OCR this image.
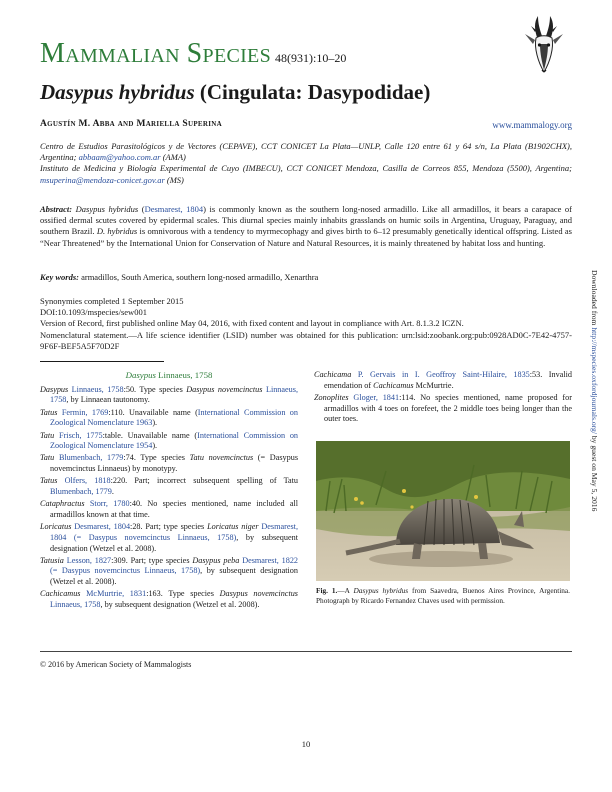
MAMMALIAN SPECIES 48(931):10–20
Dasypus hybridus (Cingulata: Dasypodidae)
Agustín M. Abba and Mariella Superina	www.mammalogy.org
Centro de Estudios Parasitológicos y de Vectores (CEPAVE), CCT CONICET La Plata—UNLP, Calle 120 entre 61 y 64 s/n, La Plata (B1902CHX), Argentina; abbaam@yahoo.com.ar (AMA)
Instituto de Medicina y Biología Experimental de Cuyo (IMBECU), CCT CONICET Mendoza, Casilla de Correos 855, Mendoza (5500), Argentina; msuperina@mendoza-conicet.gov.ar (MS)
Abstract: Dasypus hybridus (Desmarest, 1804) is commonly known as the southern long-nosed armadillo. Like all armadillos, it bears a carapace of ossified dermal scutes covered by epidermal scales. This diurnal species mainly inhabits grasslands on humic soils in Argentina, Uruguay, Paraguay, and southern Brazil. D. hybridus is omnivorous with a tendency to myrmecophagy and gives birth to 6–12 presumably genetically identical offspring. Listed as “Near Threatened” by the International Union for Conservation of Nature and Natural Resources, it is mainly threatened by habitat loss and hunting.
Key words: armadillos, South America, southern long-nosed armadillo, Xenarthra
Synonymies completed 1 September 2015
DOI:10.1093/mspecies/sew001
Version of Record, first published online May 04, 2016, with fixed content and layout in compliance with Art. 8.1.3.2 ICZN.
Nomenclatural statement.—A life science identifier (LSID) number was obtained for this publication: urn:lsid:zoobank.org:pub:0928AD0C-7E42-4757-9F6F-BEF5A5F70D2F
Dasypus Linnaeus, 1758
Dasypus Linnaeus, 1758:50. Type species Dasypus novemcinctus Linnaeus, 1758, by Linnaean tautonomy.
Tatus Fermin, 1769:110. Unavailable name (International Commission on Zoological Nomenclature 1963).
Tatu Frisch, 1775:table. Unavailable name (International Commission on Zoological Nomenclature 1954).
Tatu Blumenbach, 1779:74. Type species Tatu novemcinctus (= Dasypus novemcinctus Linnaeus) by monotypy.
Tatus Olfers, 1818:220. Part; incorrect subsequent spelling of Tatu Blumenbach, 1779.
Cataphractus Storr, 1780:40. No species mentioned, name included all armadillos known at that time.
Loricatus Desmarest, 1804:28. Part; type species Loricatus niger Desmarest, 1804 (= Dasypus novemcinctus Linnaeus, 1758), by subsequent designation (Wetzel et al. 2008).
Tatusia Lesson, 1827:309. Part; type species Dasypus peba Desmarest, 1822 (= Dasypus novemcinctus Linnaeus, 1758), by subsequent designation (Wetzel et al. 2008).
Cachicamus McMurtrie, 1831:163. Type species Dasypus novemcinctus Linnaeus, 1758, by subsequent designation (Wetzel et al. 2008).
Cachicama P. Gervais in I. Geoffroy Saint-Hilaire, 1835:53. Invalid emendation of Cachicamus McMurtrie.
Zonoplites Gloger, 1841:114. No species mentioned, name proposed for armadillos with 4 toes on forefeet, the 2 middle toes being longer than the outer toes.
Fig. 1.—A Dasypus hybridus from Saavedra, Buenos Aires Province, Argentina. Photograph by Ricardo Fernandez Chaves used with permission.
© 2016 by American Society of Mammalogists
10
Downloaded from http://mspecies.oxfordjournals.org/ by guest on May 5, 2016
